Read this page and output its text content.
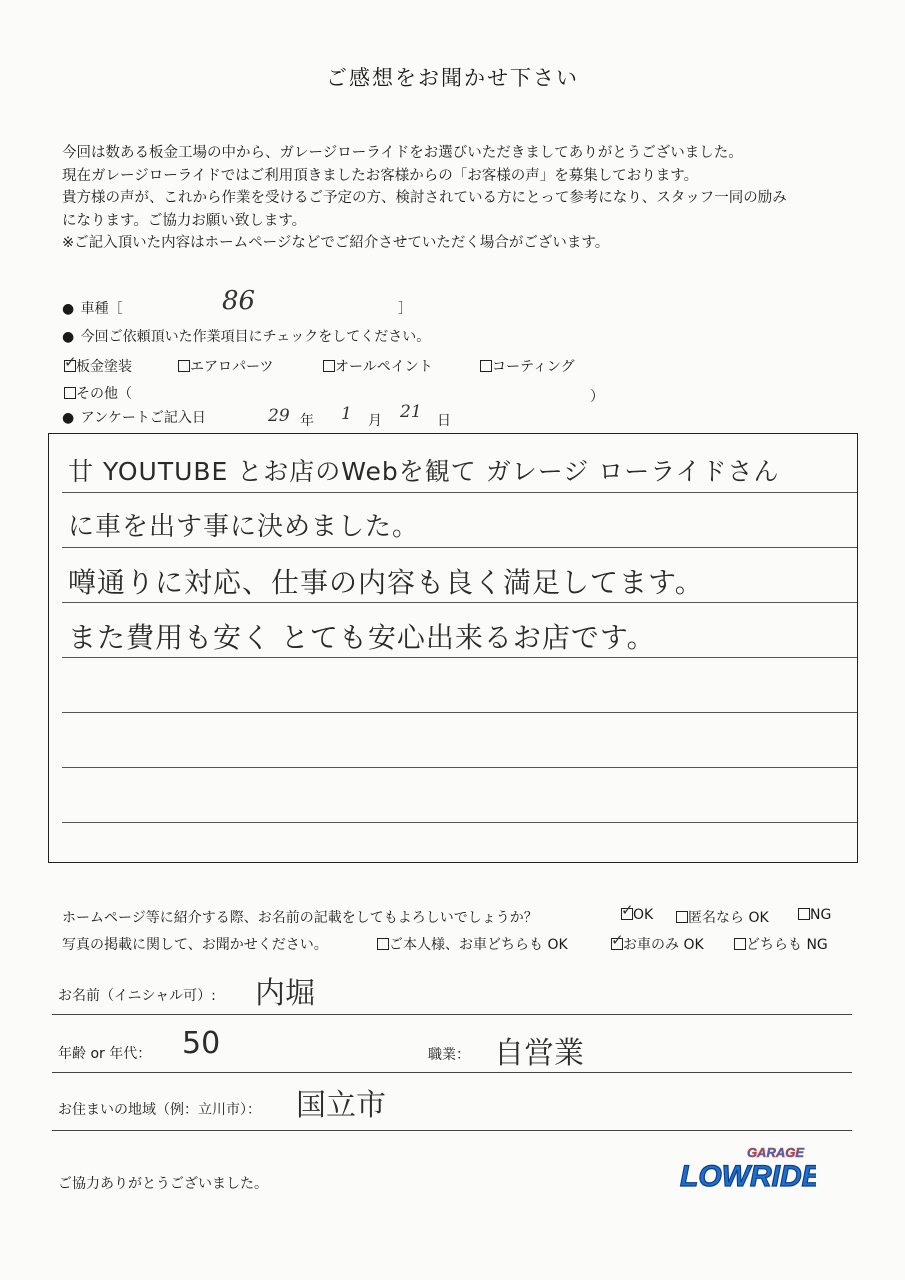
ご感想をお聞かせ下さい

今回は数ある板金工場の中から、ガレージローライドをお選びいただきましてありがとうございました。

現在ガレージローライドではご利用頂きましたお客様からの「お客様の声」を募集しております。

貴方様の声が、これから作業を受けるご予定の方、検討されている方にとって参考になり、スタッフ一同の励み

になります。ご協力お願い致します。

※ご記入頂いた内容はホームページなどでご紹介させていただく場合がございます。

● 車種［	86	］
● 今回ご依頼頂いた作業項目にチェックをしてください。
✓板金塗装	エアロパーツ	オールペイント	コーティング
その他（	）
● アンケートご記入日	29 年 1 月 21 日
廿 YOUTUBE とお店のWebを観て ガレージ ローライドさん
に車を出す事に決めました。
噂通りに対応、仕事の内容も良く満足してます。
また費用も安く とても安心出来るお店です。
ホームページ等に紹介する際、お名前の記載をしてもよろしいでしょうか？ ✓	OK	匿名なら OK	NG
写真の掲載に関して、お聞かせください。	ご本人様、お車どちらも OK ✓	お車のみ OK	どちらも NG
お名前（イニシャル可）: 内堀
年齢 or 年代： 50	職業： 自営業
お住まいの地域（例：立川市）： 国立市
ご協力ありがとうございました。
GARAGE
LOWRIDE
